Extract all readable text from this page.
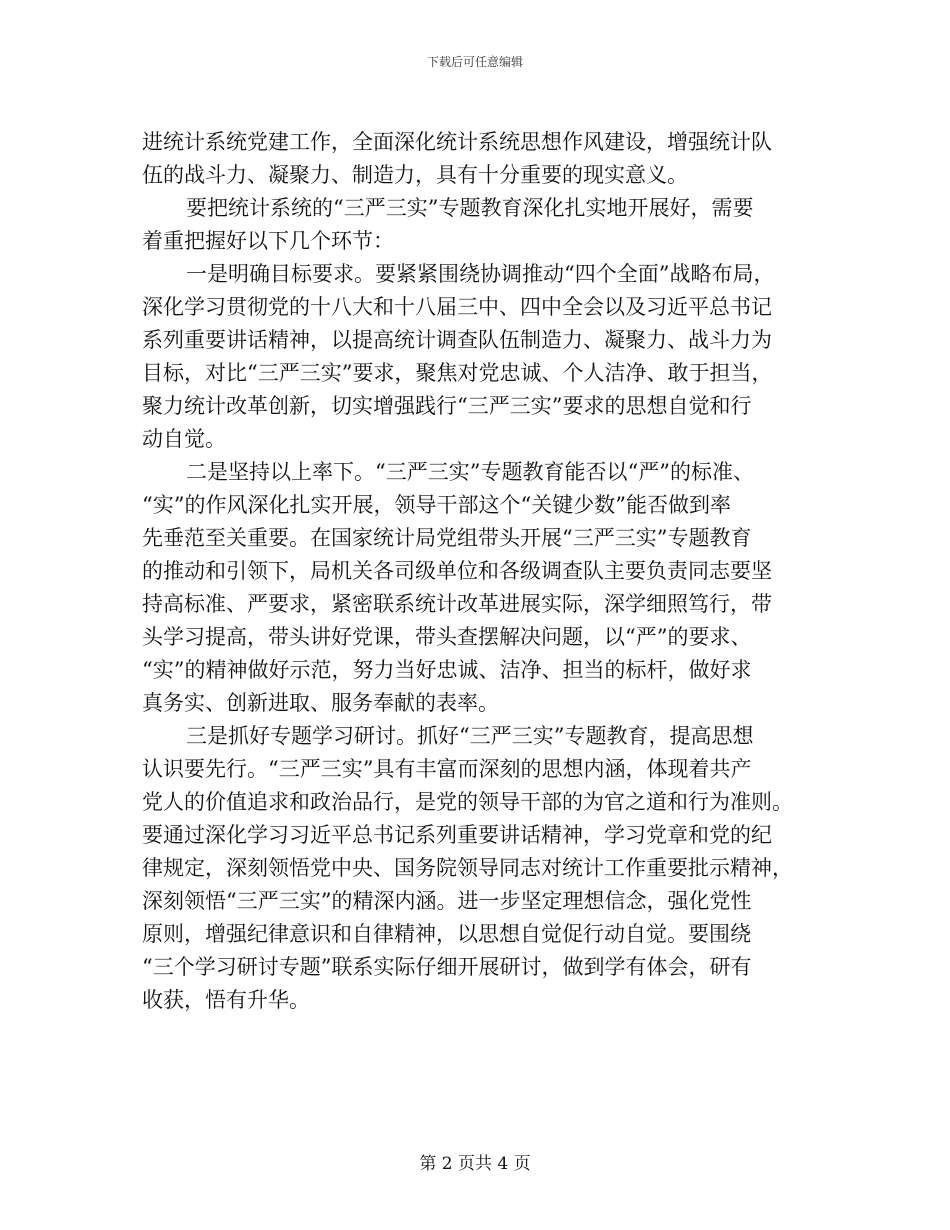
下载后可任意编辑

进统计系统党建工作，全面深化统计系统思想作风建设，增强统计队
伍的战斗力、凝聚力、制造力，具有十分重要的现实意义。

要把统计系统的“三严三实”专题教育深化扎实地开展好，需要
着重把握好以下几个环节：

一是明确目标要求。要紧紧围绕协调推动“四个全面”战略布局，
深化学习贯彻党的十八大和十八届三中、四中全会以及习近平总书记
系列重要讲话精神，以提高统计调查队伍制造力、凝聚力、战斗力为
目标，对比“三严三实”要求，聚焦对党忠诚、个人洁净、敢于担当，
聚力统计改革创新，切实增强践行“三严三实”要求的思想自觉和行
动自觉。

二是坚持以上率下。“三严三实”专题教育能否以“严”的标准、
“实”的作风深化扎实开展，领导干部这个“关键少数”能否做到率
先垂范至关重要。在国家统计局党组带头开展“三严三实”专题教育
的推动和引领下，局机关各司级单位和各级调查队主要负责同志要坚
持高标准、严要求，紧密联系统计改革进展实际，深学细照笃行，带
头学习提高，带头讲好党课，带头查摆解决问题，以“严”的要求、
“实”的精神做好示范，努力当好忠诚、洁净、担当的标杆，做好求
真务实、创新进取、服务奉献的表率。

三是抓好专题学习研讨。抓好“三严三实”专题教育，提高思想
认识要先行。“三严三实”具有丰富而深刻的思想内涵，体现着共产
党人的价值追求和政治品行，是党的领导干部的为官之道和行为准则。
要通过深化学习习近平总书记系列重要讲话精神，学习党章和党的纪
律规定，深刻领悟党中央、国务院领导同志对统计工作重要批示精神，
深刻领悟“三严三实”的精深内涵。进一步坚定理想信念，强化党性
原则，增强纪律意识和自律精神，以思想自觉促行动自觉。要围绕
“三个学习研讨专题”联系实际仔细开展研讨，做到学有体会，研有
收获，悟有升华。

第 2 页共 4 页
